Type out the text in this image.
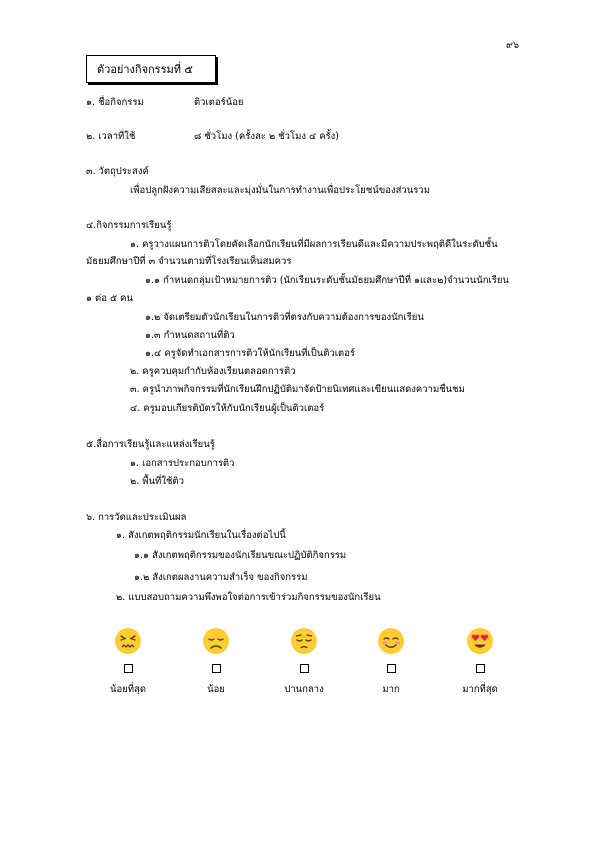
๙๖
ตัวอย่างกิจกรรมที่ ๕
๑. ชื่อกิจกรรม	ติวเตอร์น้อย
๒. เวลาที่ใช้	๘ ชั่วโมง (ครั้งละ ๒ ชั่วโมง ๔ ครั้ง)
๓. วัตถุประสงค์
เพื่อปลูกฝังความเสียสละและมุ่งมั่นในการทำงานเพื่อประโยชน์ของส่วนรวม
๔.กิจกรรมการเรียนรู้
๑. ครูวางแผนการติวโดยคัดเลือกนักเรียนที่มีผลการเรียนดีและมีความประพฤติดีในระดับชั้น
มัธยมศึกษาปีที่ ๓ จำนวนตามที่โรงเรียนเห็นสมควร
๑.๑ กำหนดกลุ่มเป้าหมายการติว (นักเรียนระดับชั้นมัธยมศึกษาปีที่ ๑และ๒)จำนวนนักเรียน
๑ ต่อ ๕ คน
๑.๒ จัดเตรียมตัวนักเรียนในการติวที่ตรงกับความต้องการของนักเรียน
๑.๓ กำหนดสถานที่ติว
๑.๔ ครูจัดทำเอกสารการติวให้นักเรียนที่เป็นติวเตอร์
๒. ครูควบคุมกำกับห้องเรียนตลอดการติว
๓. ครูนำภาพกิจกรรมที่นักเรียนฝึกปฏิบัติมาจัดป้ายนิเทศและเขียนแสดงความชื่นชม
๔. ครูมอบเกียรติบัตรให้กับนักเรียนผู้เป็นติวเตอร์
๕.สื่อการเรียนรู้และแหล่งเรียนรู้
๑. เอกสารประกอบการติว
๒. พื้นที่ใช้ติว
๖. การวัดและประเมินผล
๑. สังเกตพฤติกรรมนักเรียนในเรื่องต่อไปนี้
๑.๑ สังเกตพฤติกรรมของนักเรียนขณะปฏิบัติกิจกรรม
๑.๒ สังเกตผลงานความสำเร็จ ของกิจกรรม
๒. แบบสอบถามความพึงพอใจต่อการเข้าร่วมกิจกรรมของนักเรียน
น้อยที่สุด	น้อย	ปานกลาง	มาก	มากที่สุด
